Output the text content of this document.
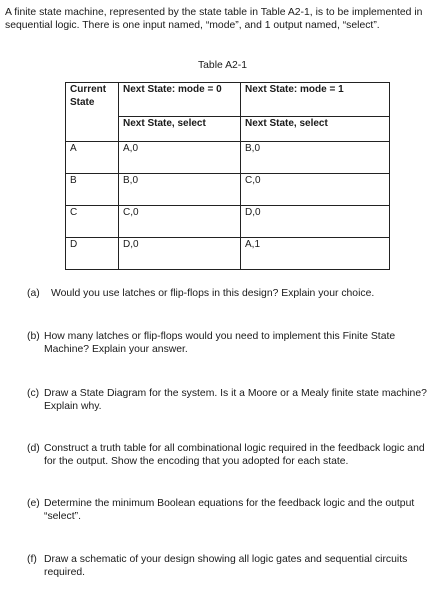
A finite state machine, represented by the state table in Table A2-1, is to be implemented in sequential logic. There is one input named, “mode”, and 1 output named, “select”.
Table A2-1
Current State	Next State: mode = 0	Next State: mode = 1
	Next State, select	Next State, select
A	A,0	B,0
B	B,0	C,0
C	C,0	D,0
D	D,0	A,1
(a) Would you use latches or flip-flops in this design? Explain your choice.
(b) How many latches or flip-flops would you need to implement this Finite State Machine? Explain your answer.
(c) Draw a State Diagram for the system. Is it a Moore or a Mealy finite state machine? Explain why.
(d) Construct a truth table for all combinational logic required in the feedback logic and for the output. Show the encoding that you adopted for each state.
(e) Determine the minimum Boolean equations for the feedback logic and the output “select”.
(f) Draw a schematic of your design showing all logic gates and sequential circuits required.
